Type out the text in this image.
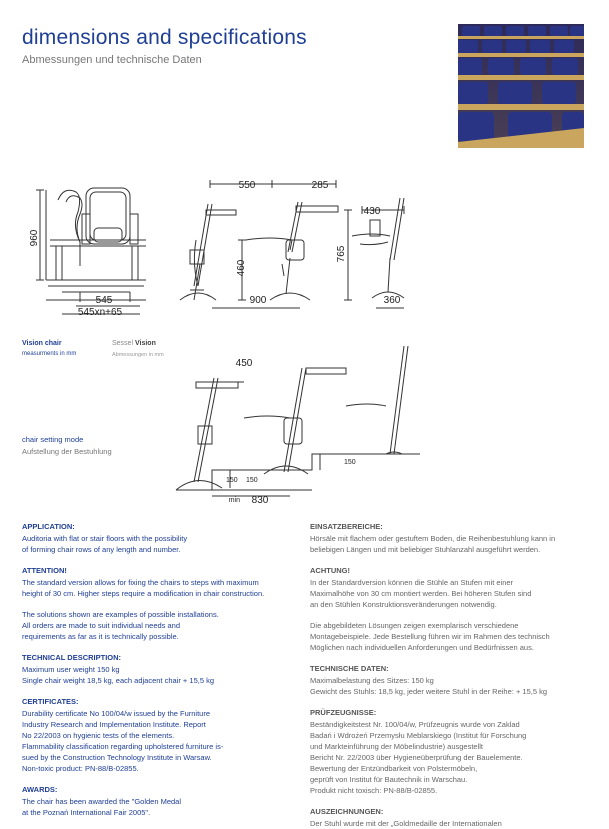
dimensions and specifications
Abmessungen und technische Daten
960
545
545xn+65
550	285
460
900
430
765
360
450
150
150
150
min 830
Vision chair
measurments in mm
Sessel Vision
Abmessungen in mm
chair setting mode
Aufstellung der Bestuhlung
APPLICATION:

Auditoria with flat or stair floors with the possibility
of forming chair rows of any length and number.

ATTENTION!

The standard version allows for fixing the chairs to steps with maximum
height of 30 cm. Higher steps require a modification in chair construction.

The solutions shown are examples of possible installations.
All orders are made to suit individual needs and
requirements as far as it is technically possible.

TECHNICAL DESCRIPTION:

Maximum user weight 150 kg
Single chair weight 18,5 kg, each adjacent chair + 15,5 kg

CERTIFICATES:

Durability certificate No 100/04/w issued by the Furniture
Industry Research and Implementation Institute. Report
No 22/2003 on hygienic tests of the elements.
Flammability classification regarding upholstered furniture is-
sued by the Construction Technology Institute in Warsaw.
Non-toxic product: PN-88/B-02855.

AWARDS:

The chair has been awarded the "Golden Medal
at the Poznań International Fair 2005".

EINSATZBEREICHE:

Hörsäle mit flachem oder gestuftem Boden, die Reihenbestuhlung kann in
beliebigen Längen und mit beliebiger Stuhlanzahl ausgeführt werden.

ACHTUNG!

In der Standardversion können die Stühle an Stufen mit einer
Maximalhöhe von 30 cm montiert werden. Bei höheren Stufen sind
an den Stühlen Konstruktionsveränderungen notwendig.

Die abgebildeten Lösungen zeigen exemplarisch verschiedene
Montagebeispiele. Jede Bestellung führen wir im Rahmen des technisch
Möglichen nach individuellen Anforderungen und Bedürfnissen aus.

TECHNISCHE DATEN:

Maximalbelastung des Sitzes: 150 kg
Gewicht des Stuhls: 18,5 kg, jeder weitere Stuhl in der Reihe: + 15,5 kg

PRÜFZEUGNISSE:

Beständigkeitstest Nr. 100/04/w, Prüfzeugnis wurde von Zaklad
Badań i Wdrożeń Przemysłu Meblarskiego (Institut für Forschung
und Markteinführung der Möbelindustrie) ausgestellt
Bericht Nr. 22/2003 über Hygieneüberprüfung der Bauelemente.
Bewertung der Entzündbarkeit von Polstermöbeln,
geprüft von Institut für Bautechnik in Warschau.
Produkt nicht toxisch: PN-88/B-02855.

AUSZEICHNUNGEN:

Der Stuhl wurde mit der „Goldmedaille der Internationalen
